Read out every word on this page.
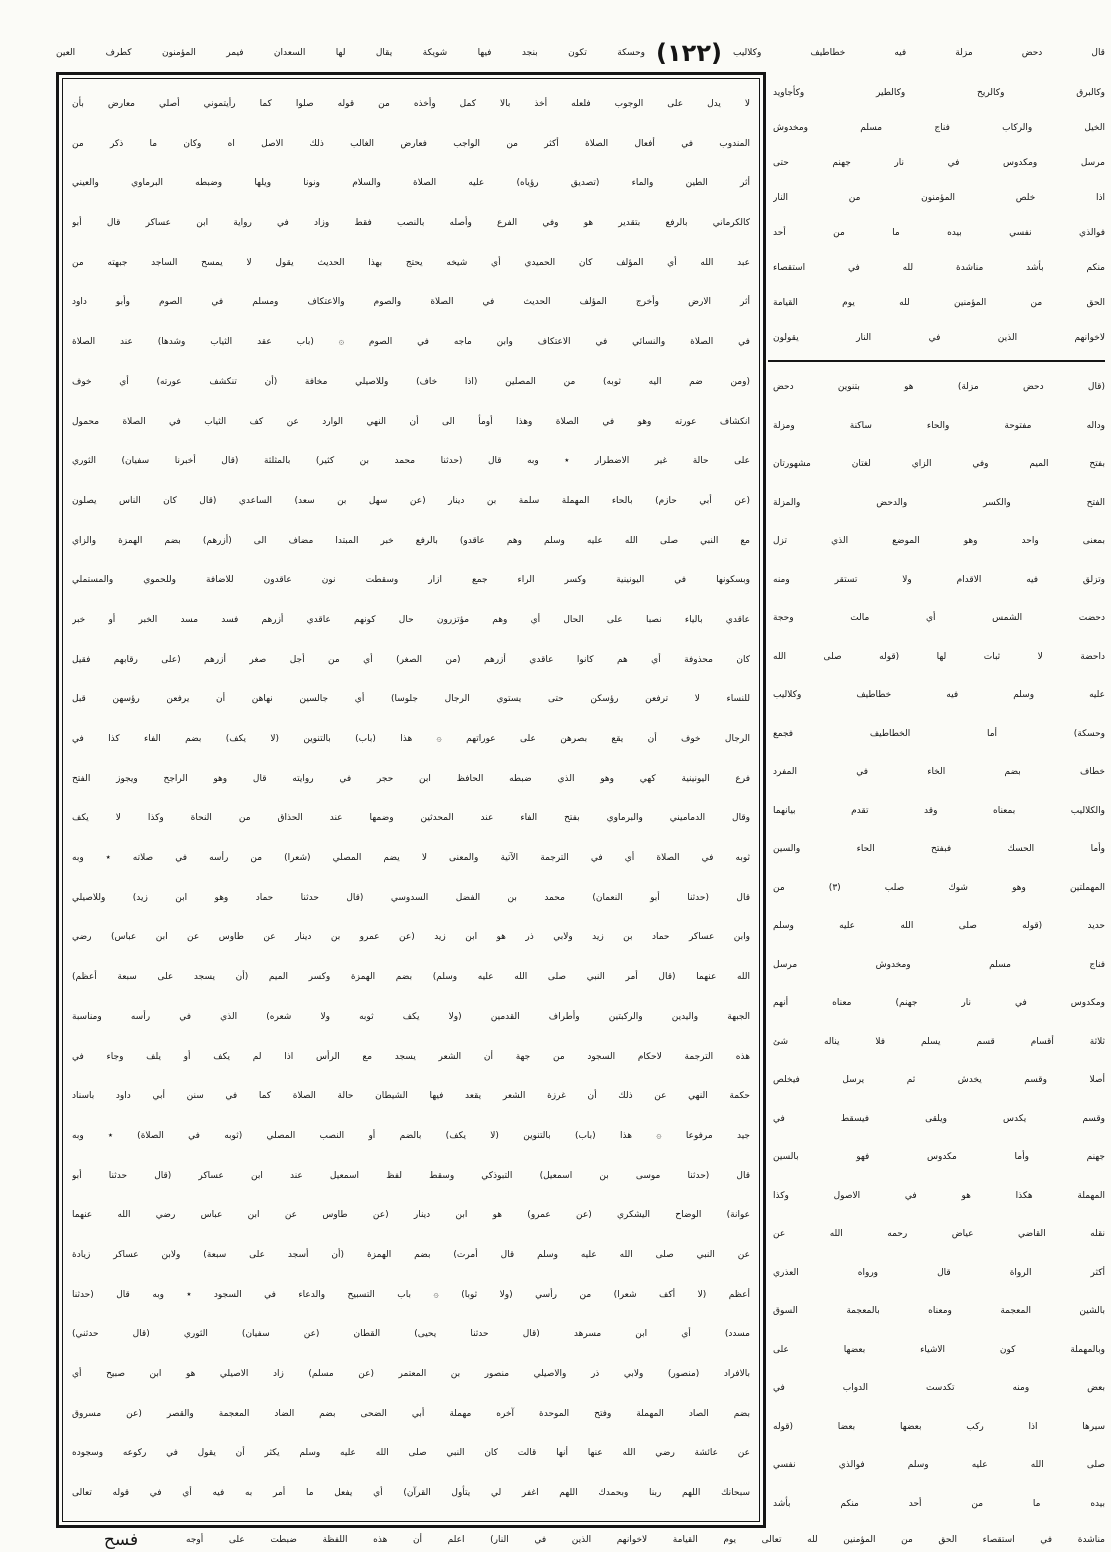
قال دحض مزلة فيه خطاطيف وكلاليب
(١٢٢)
وحسكة تكون بنجد فيها شويكة يقال لها السعدان فيمر المؤمنون كطرف العين
لا يدل على الوجوب فلعله أخذ بالا كمل وأخذه من قوله صلوا كما رأيتموني أصلي معارض بأن
المندوب في أفعال الصلاة أكثر من الواجب فعارض الغالب ذلك الاصل اه وكان ما ذكر من
أثر الطين والماء (تصديق رؤياه) عليه الصلاة والسلام ونونا ويلها وضبطه البرماوي والعيني
كالكرماني بالرفع بتقدير هو وفي الفرع وأصله بالنصب فقط وزاد في رواية ابن عساكر قال أبو
عبد الله أي المؤلف كان الحميدي أي شيخه يحتج بهذا الحديث يقول لا يمسح الساجد جبهته من
أثر الارض وأخرج المؤلف الحديث في الصلاة والصوم والاعتكاف ومسلم في الصوم وأبو داود
في الصلاة والنسائي في الاعتكاف وابن ماجه في الصوم ۞ (باب عقد الثياب وشدها) عند الصلاة
(ومن ضم اليه ثوبه) من المصلين (اذا خاف) وللاصيلي مخافة (أن تنكشف عورته) أي خوف
انكشاف عورته وهو في الصلاة وهذا أومأ الى أن النهي الوارد عن كف الثياب في الصلاة محمول
على حالة غير الاضطرار ٭ وبه قال (حدثنا محمد بن كثير) بالمثلثة (قال أخبرنا سفيان) الثوري
(عن أبي حازم) بالحاء المهملة سلمة بن دينار (عن سهل بن سعد) الساعدي (قال كان الناس يصلون
مع النبي صلى الله عليه وسلم وهم عاقدو) بالرفع خبر المبتدا مضاف الى (أزرهم) بضم الهمزة والزاي
وبسكونها في اليونينية وكسر الراء جمع ازار وسقطت نون عاقدون للاضافة وللحموي والمستملي
عاقدي بالياء نصبا على الحال أي وهم مؤتزرون حال كونهم عاقدي أزرهم فسد مسد الخبر أو خبر
كان محذوفة أي هم كانوا عاقدي أزرهم (من الصغر) أي من أجل صغر أزرهم (على رقابهم فقيل
للنساء لا ترفعن رؤسكن حتى يستوي الرجال جلوسا) أي جالسين نهاهن أن يرفعن رؤسهن قبل
الرجال خوف أن يقع بصرهن على عوراتهم ۞ هذا (باب) بالتنوين (لا يكف) بضم الفاء كذا في
فرع اليونينية كهي وهو الذي ضبطه الحافظ ابن حجر في روايته قال وهو الراجح ويجوز الفتح
وقال الدماميني والبرماوي بفتح الفاء عند المحدثين وضمها عند الحذاق من النحاة وكذا لا يكف
ثوبه في الصلاة أي في الترجمة الآتية والمعنى لا يضم المصلي (شعرا) من رأسه في صلاته ٭ وبه
قال (حدثنا أبو النعمان) محمد بن الفضل السدوسي (قال حدثنا حماد وهو ابن زيد) وللاصيلي
وابن عساكر حماد بن زيد ولابي ذر هو ابن زيد (عن عمرو بن دينار عن طاوس عن ابن عباس) رضي
الله عنهما (قال أمر النبي صلى الله عليه وسلم) بضم الهمزة وكسر الميم (أن يسجد على سبعة أعظم)
الجبهة واليدين والركبتين وأطراف القدمين (ولا يكف ثوبه ولا شعره) الذي في رأسه ومناسبة
هذه الترجمة لاحكام السجود من جهة أن الشعر يسجد مع الرأس اذا لم يكف أو يلف وجاء في
حكمة النهي عن ذلك أن غرزة الشعر يقعد فيها الشيطان حالة الصلاة كما في سنن أبي داود باسناد
جيد مرفوعا ۞ هذا (باب) بالتنوين (لا يكف) بالضم أو النصب المصلي (ثوبه في الصلاة) ٭ وبه
قال (حدثنا موسى بن اسمعيل) التبوذكي وسقط لفظ اسمعيل عند ابن عساكر (قال حدثنا أبو
عوانة) الوضاح اليشكري (عن عمرو) هو ابن دينار (عن طاوس عن ابن عباس رضي الله عنهما
عن النبي صلى الله عليه وسلم قال أمرت) بضم الهمزة (أن أسجد على سبعة) ولابن عساكر زيادة
أعظم (لا أكف شعرا) من رأسي (ولا ثوبا) ۞ باب التسبيح والدعاء في السجود ٭ وبه قال (حدثنا
مسدد) أي ابن مسرهد (قال حدثنا يحيى) القطان (عن سفيان) الثوري (قال حدثني)
بالافراد (منصور) ولابي ذر والاصيلي منصور بن المعتمر (عن مسلم) زاد الاصيلي هو ابن صبيح أي
بضم الصاد المهملة وفتح الموحدة آخره مهملة أبي الضحى بضم الضاد المعجمة والقصر (عن مسروق
عن عائشة رضي الله عنها أنها قالت كان النبي صلى الله عليه وسلم يكثر أن يقول في ركوعه وسجوده
سبحانك اللهم ربنا وبحمدك اللهم اغفر لي يتأول القرآن) أي يفعل ما أمر به فيه أي في قوله تعالى
وكالبرق وكالريح وكالطير وكأجاويد
الخيل والركاب فناج مسلم ومخدوش
مرسل ومكدوس في نار جهنم حتى
اذا خلص المؤمنون من النار
فوالذي نفسي بيده ما من أحد
منكم بأشد مناشدة لله في استقصاء
الحق من المؤمنين لله يوم القيامة
لاخوانهم الذين في النار يقولون
(قال دحض مزلة) هو بتنوين دحض
وداله مفتوحة والحاء ساكنة ومزلة
بفتح الميم وفي الزاي لغتان مشهورتان
الفتح والكسر والدحض والمزلة
بمعنى واحد وهو الموضع الذي تزل
وتزلق فيه الاقدام ولا تستقر ومنه
دحضت الشمس أي مالت وحجة
داحضة لا ثبات لها (قوله صلى الله
عليه وسلم فيه خطاطيف وكلاليب
وحسكة) أما الخطاطيف فجمع
خطاف بضم الخاء في المفرد
والكلاليب بمعناه وقد تقدم بيانهما
وأما الحسك فبفتح الحاء والسين
المهملتين وهو شوك صلب (٣) من
حديد (قوله صلى الله عليه وسلم
فناج مسلم ومخدوش مرسل
ومكدوس في نار جهنم) معناه أنهم
ثلاثة أقسام قسم يسلم فلا يناله شئ
أصلا وقسم يخدش ثم يرسل فيخلص
وقسم يكدس ويلقى فيسقط في
جهنم وأما مكدوس فهو بالسين
المهملة هكذا هو في الاصول وكذا
نقله القاضي عياض رحمه الله عن
أكثر الرواة قال ورواه العذري
بالشين المعجمة ومعناه بالمعجمة السوق
وبالمهملة كون الاشياء بعضها على
بعض ومنه تكدست الدواب في
سيرها اذا ركب بعضها بعضا (قوله
صلى الله عليه وسلم فوالذي نفسي
بيده ما من أحد منكم بأشد
مناشدة في استقصاء الحق من المؤمنين لله تعالى يوم القيامة لاخوانهم الذين في النار) اعلم أن هذه اللفظة ضبطت على أوجه
فسح
